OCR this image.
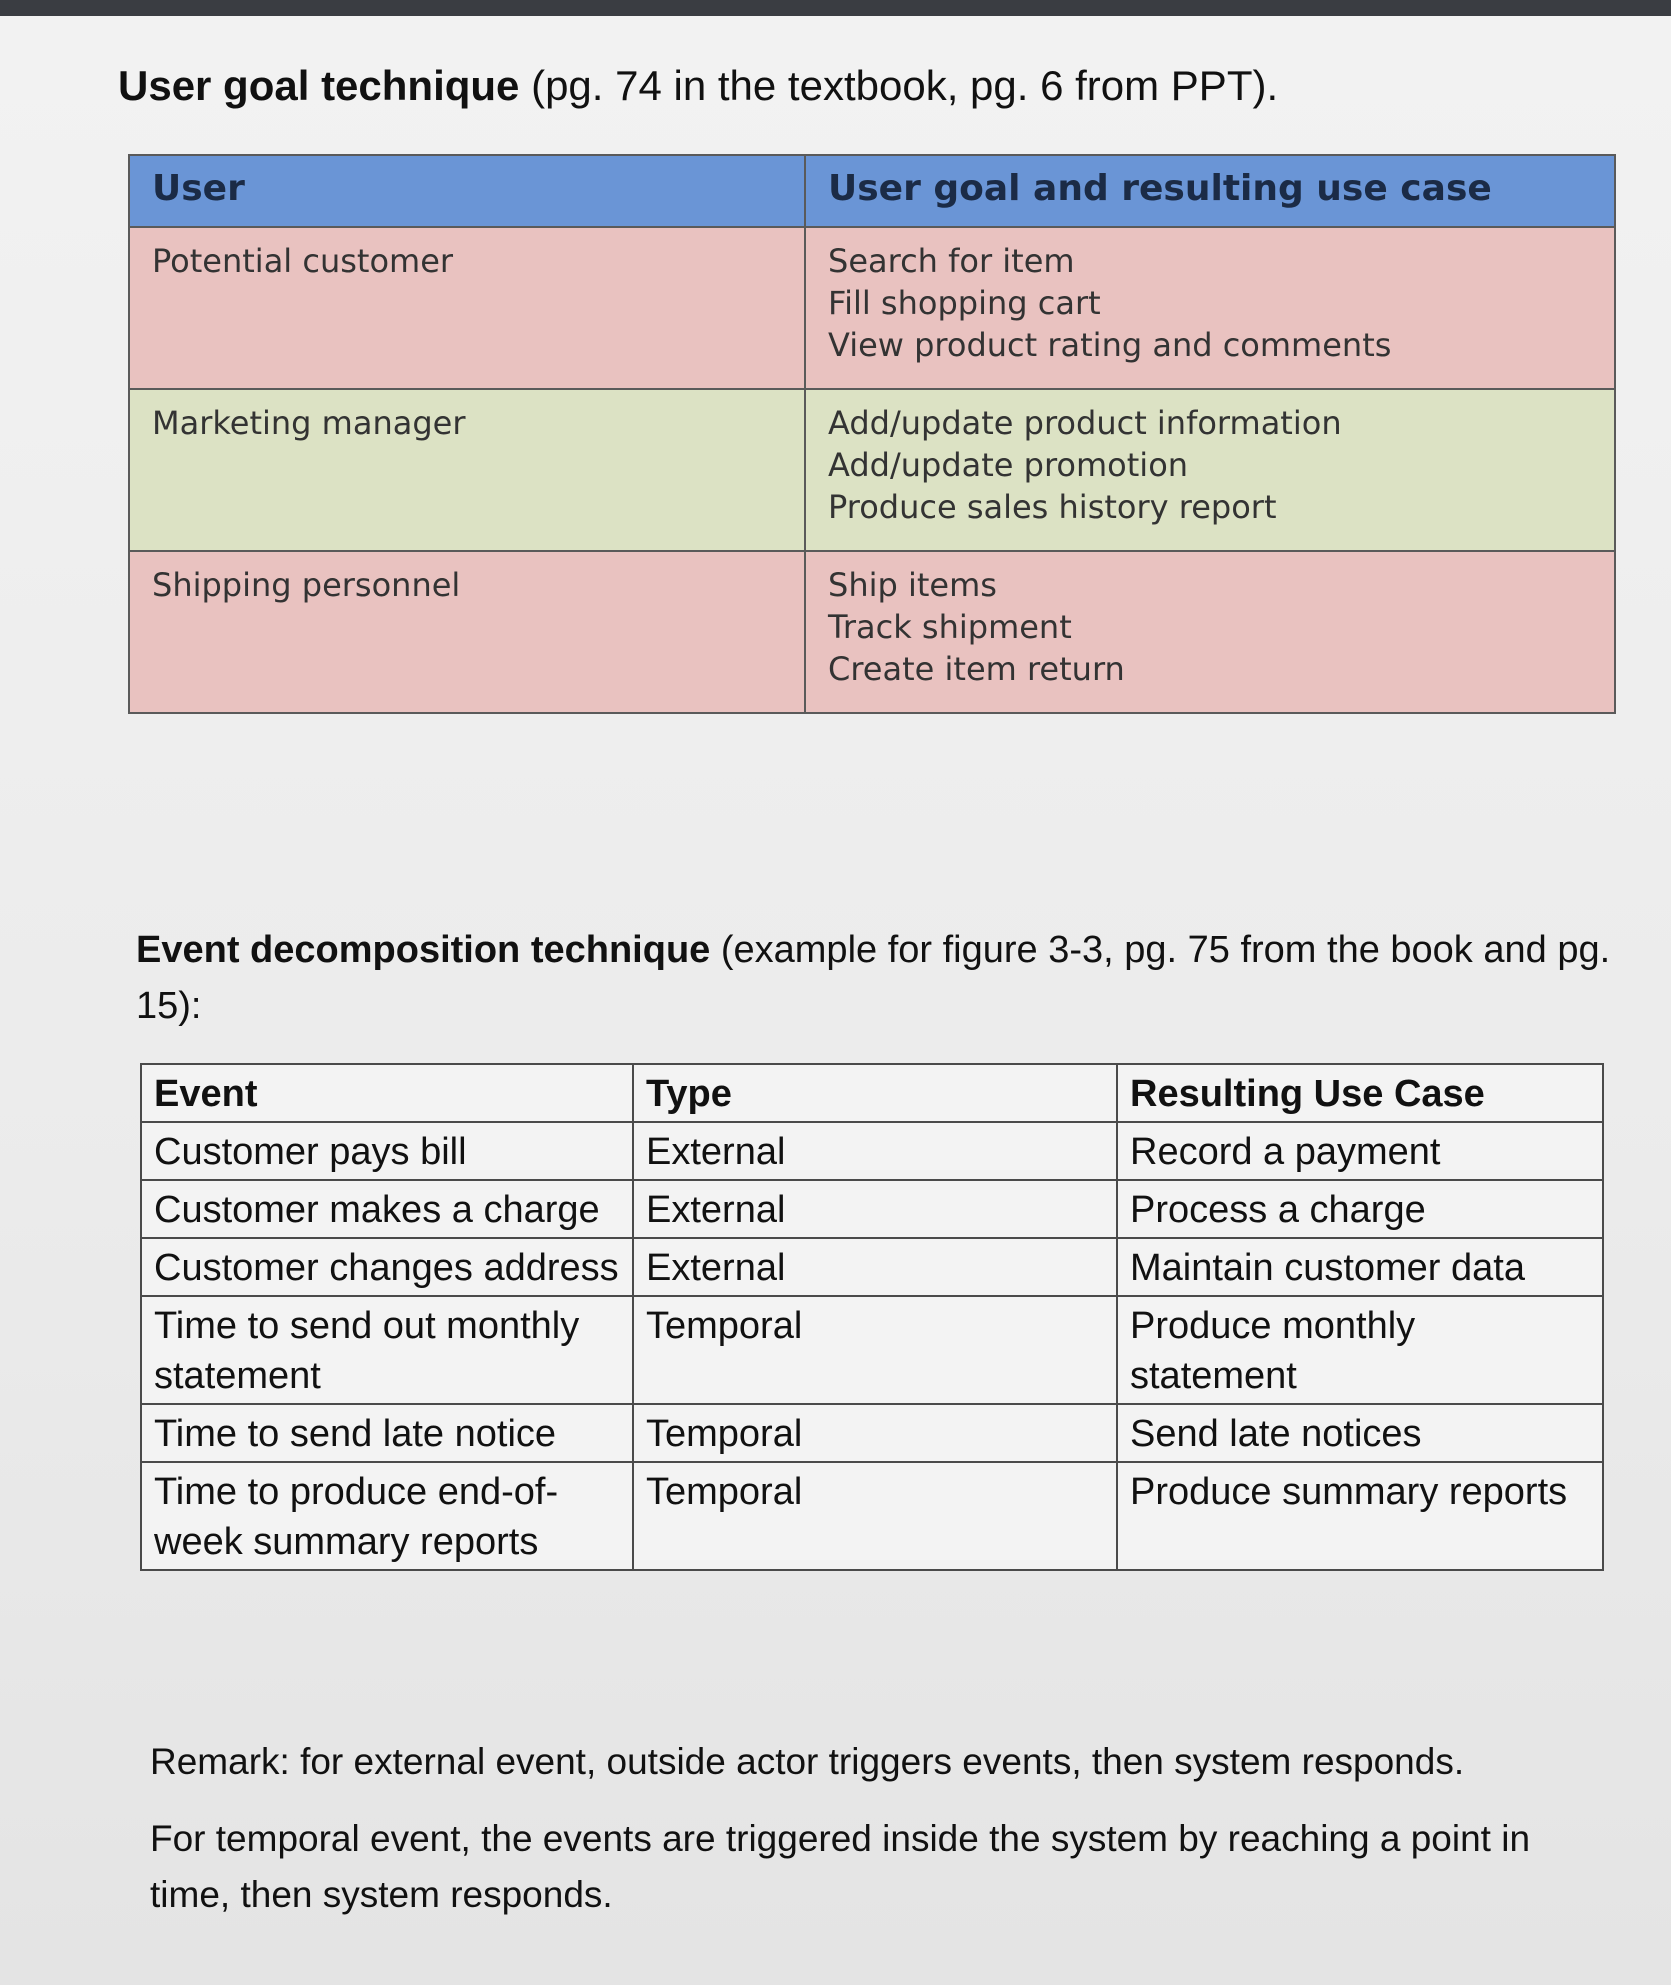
User goal technique (pg. 74 in the textbook, pg. 6 from PPT).
User	User goal and resulting use case
Potential customer	Search for item
Fill shopping cart
View product rating and comments

Marketing manager	Add/update product information
Add/update promotion
Produce sales history report

Shipping personnel	Ship items
Track shipment
Create item return
Event decomposition technique (example for figure 3-3, pg. 75 from the book and pg. 15):
Event	Type	Resulting Use Case
Customer pays bill	External	Record a payment
Customer makes a charge	External	Process a charge
Customer changes address	External	Maintain customer data
Time to send out monthly statement	Temporal	Produce monthly statement
Time to send late notice	Temporal	Send late notices
Time to produce end-of-week summary reports	Temporal	Produce summary reports
Remark: for external event, outside actor triggers events, then system responds.
For temporal event, the events are triggered inside the system by reaching a point in time, then system responds.
